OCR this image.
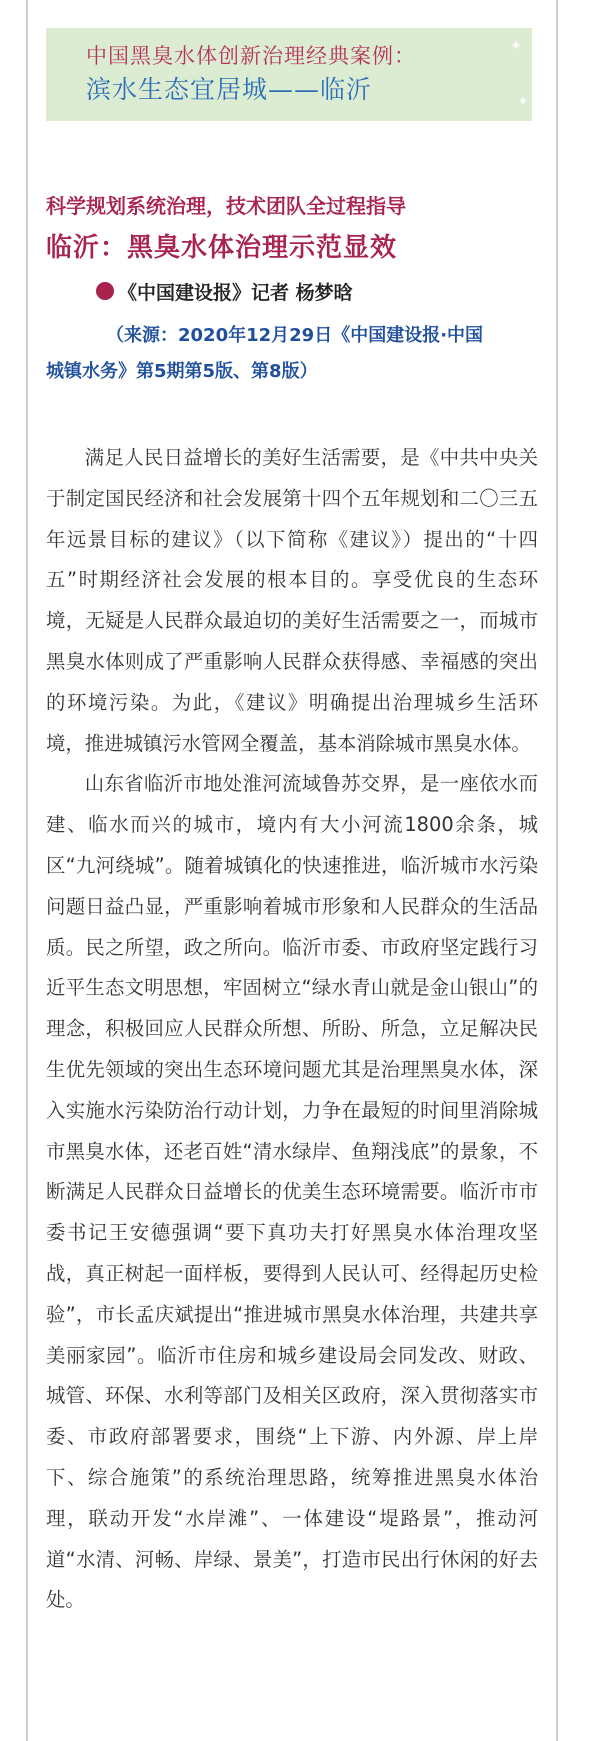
中国黑臭水体创新治理经典案例：
滨水生态宜居城——临沂
✦
✦
科学规划系统治理，技术团队全过程指导
临沂：黑臭水体治理示范显效
《中国建设报》记者 杨梦晗
（来源：2020年12月29日《中国建设报·中国
城镇水务》第5期第5版、第8版）

满足人民日益增长的美好生活需要，是《中共中央关于制定国民经济和社会发展第十四个五年规划和二〇三五年远景目标的建议》（以下简称《建议》）提出的“十四五”时期经济社会发展的根本目的。享受优良的生态环境，无疑是人民群众最迫切的美好生活需要之一，而城市黑臭水体则成了严重影响人民群众获得感、幸福感的突出的环境污染。为此，《建议》明确提出治理城乡生活环境，推进城镇污水管网全覆盖，基本消除城市黑臭水体。

山东省临沂市地处淮河流域鲁苏交界，是一座依水而建、临水而兴的城市，境内有大小河流1800余条，城区“九河绕城”。随着城镇化的快速推进，临沂城市水污染问题日益凸显，严重影响着城市形象和人民群众的生活品质。民之所望，政之所向。临沂市委、市政府坚定践行习近平生态文明思想，牢固树立“绿水青山就是金山银山”的理念，积极回应人民群众所想、所盼、所急，立足解决民生优先领域的突出生态环境问题尤其是治理黑臭水体，深入实施水污染防治行动计划，力争在最短的时间里消除城市黑臭水体，还老百姓“清水绿岸、鱼翔浅底”的景象，不断满足人民群众日益增长的优美生态环境需要。临沂市市委书记王安德强调“要下真功夫打好黑臭水体治理攻坚战，真正树起一面样板，要得到人民认可、经得起历史检验”，市长孟庆斌提出“推进城市黑臭水体治理，共建共享美丽家园”。临沂市住房和城乡建设局会同发改、财政、城管、环保、水利等部门及相关区政府，深入贯彻落实市委、市政府部署要求，围绕“上下游、内外源、岸上岸下、综合施策”的系统治理思路，统筹推进黑臭水体治理，联动开发“水岸滩”、一体建设“堤路景”，推动河道“水清、河畅、岸绿、景美”，打造市民出行休闲的好去处。
